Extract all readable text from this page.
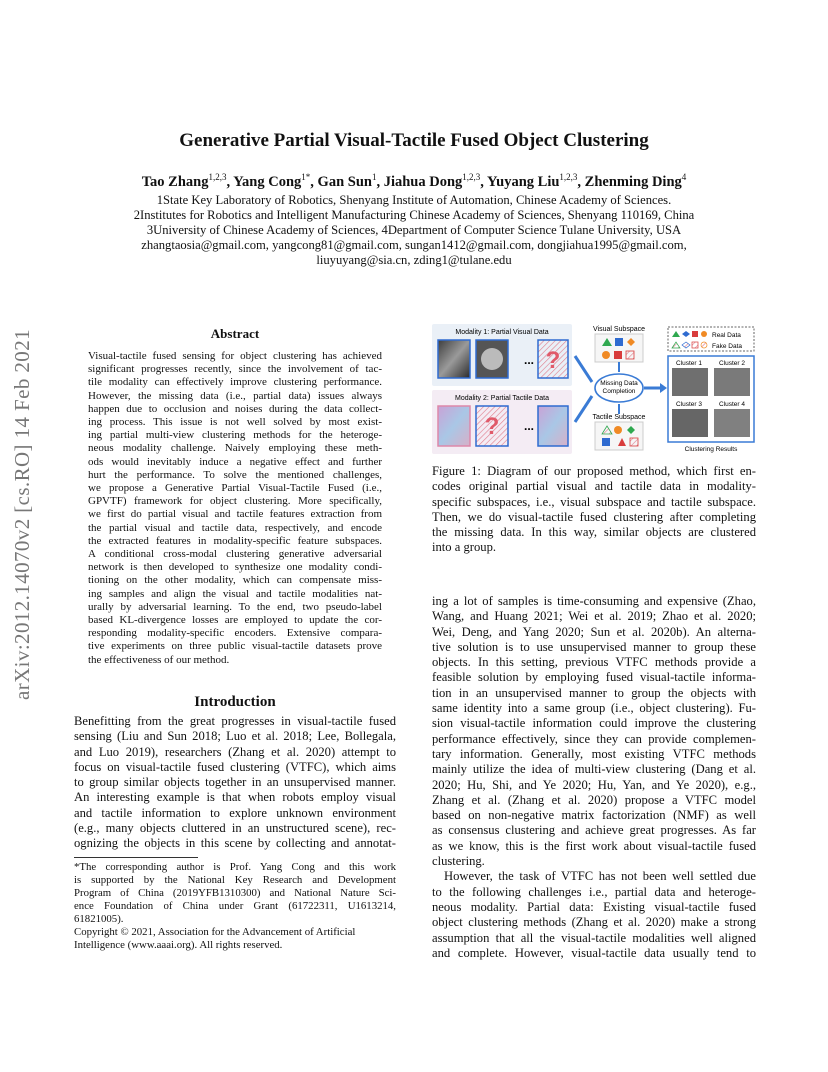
arXiv:2012.14070v2 [cs.RO] 14 Feb 2021
Generative Partial Visual-Tactile Fused Object Clustering
Tao Zhang$^{1,2,3}$, Yang Cong$^{1*}$, Gan Sun$^1$, Jiahua Dong$^{1,2,3}$, Yuyang Liu$^{1,2,3}$, Zhenming Ding$^4$
1State Key Laboratory of Robotics, Shenyang Institute of Automation, Chinese Academy of Sciences.
2Institutes for Robotics and Intelligent Manufacturing Chinese Academy of Sciences, Shenyang 110169, China
3University of Chinese Academy of Sciences, 4Department of Computer Science Tulane University, USA
zhangtaosia@gmail.com, yangcong81@gmail.com, sungan1412@gmail.com, dongjiahua1995@gmail.com,
liuyuyang@sia.cn, zding1@tulane.edu
Abstract
Visual-tactile fused sensing for object clustering has achieved
significant progresses recently, since the involvement of tac-
tile modality can effectively improve clustering performance.
However, the missing data (i.e., partial data) issues always
happen due to occlusion and noises during the data collect-
ing process. This issue is not well solved by most exist-
ing partial multi-view clustering methods for the heteroge-
neous modality challenge. Naively employing these meth-
ods would inevitably induce a negative effect and further
hurt the performance. To solve the mentioned challenges,
we propose a Generative Partial Visual-Tactile Fused (i.e.,
GPVTF) framework for object clustering. More specifically,
we first do partial visual and tactile features extraction from
the partial visual and tactile data, respectively, and encode
the extracted features in modality-specific feature subspaces.
A conditional cross-modal clustering generative adversarial
network is then developed to synthesize one modality condi-
tioning on the other modality, which can compensate miss-
ing samples and align the visual and tactile modalities nat-
urally by adversarial learning. To the end, two pseudo-label
based KL-divergence losses are employed to update the cor-
responding modality-specific encoders. Extensive compara-
tive experiments on three public visual-tactile datasets prove
the effectiveness of our method.
Introduction
Benefitting from the great progresses in visual-tactile fused
sensing (Liu and Sun 2018; Luo et al. 2018; Lee, Bollegala,
and Luo 2019), researchers (Zhang et al. 2020) attempt to
focus on visual-tactile fused clustering (VTFC), which aims
to group similar objects together in an unsupervised manner.
An interesting example is that when robots employ visual
and tactile information to explore unknown environment
(e.g., many objects cluttered in an unstructured scene), rec-
ognizing the objects in this scene by collecting and annotat-
*The corresponding author is Prof. Yang Cong and this work
is supported by the National Key Research and Development
Program of China (2019YFB1310300) and National Nature Sci-
ence Foundation of China under Grant (61722311, U1613214,
61821005).
Copyright © 2021, Association for the Advancement of Artificial
Intelligence (www.aaai.org). All rights reserved.
Modality 1: Partial Visual Data
... ?
Modality 2: Partial Tactile Data
? ...
Visual Subspace
Missing Data
Completion
Tactile Subspace
Real Data
Fake Data
Cluster 1	Cluster 2
Cluster 3	Cluster 4
Clustering Results
Figure 1: Diagram of our proposed method, which first en-
codes original partial visual and tactile data in modality-
specific subspaces, i.e., visual subspace and tactile subspace.
Then, we do visual-tactile fused clustering after completing
the missing data. In this way, similar objects are clustered
into a group.
ing a lot of samples is time-consuming and expensive (Zhao,
Wang, and Huang 2021; Wei et al. 2019; Zhao et al. 2020;
Wei, Deng, and Yang 2020; Sun et al. 2020b). An alterna-
tive solution is to use unsupervised manner to group these
objects. In this setting, previous VTFC methods provide a
feasible solution by employing fused visual-tactile informa-
tion in an unsupervised manner to group the objects with
same identity into a same group (i.e., object clustering). Fu-
sion visual-tactile information could improve the clustering
performance effectively, since they can provide complemen-
tary information. Generally, most existing VTFC methods
mainly utilize the idea of multi-view clustering (Dang et al.
2020; Hu, Shi, and Ye 2020; Hu, Yan, and Ye 2020), e.g.,
Zhang et al. (Zhang et al. 2020) propose a VTFC model
based on non-negative matrix factorization (NMF) as well
as consensus clustering and achieve great progresses. As far
as we know, this is the first work about visual-tactile fused
clustering.
However, the task of VTFC has not been well settled due
to the following challenges i.e., partial data and heteroge-
neous modality. Partial data: Existing visual-tactile fused
object clustering methods (Zhang et al. 2020) make a strong
assumption that all the visual-tactile modalities well aligned
and complete. However, visual-tactile data usually tend to
